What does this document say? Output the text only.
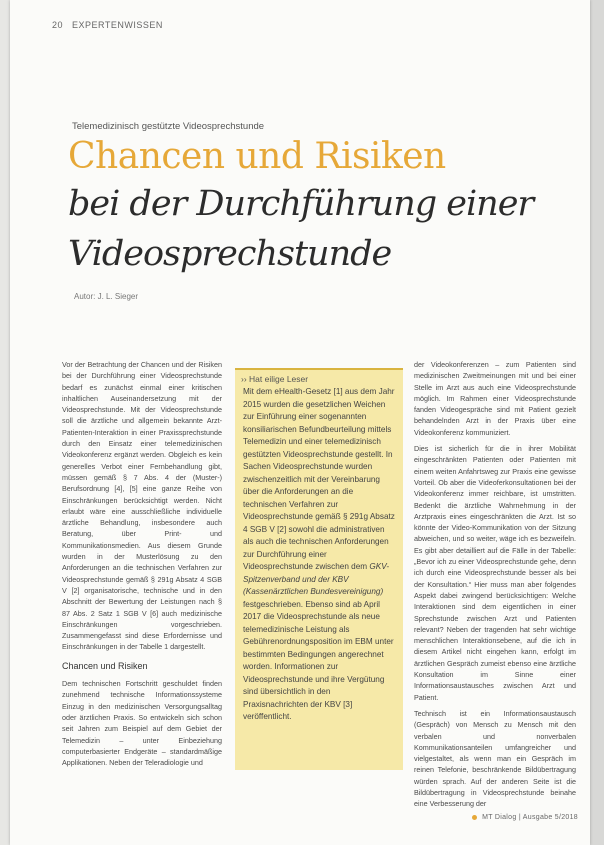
20 EXPERTENWISSEN
Telemedizinisch gestützte Videosprechstunde
Chancen und Risiken
bei der Durchführung einer
Videosprechstunde
Autor: J. L. Sieger

Vor der Betrachtung der Chancen und der Risiken bei der Durchführung einer Videosprechstunde bedarf es zunächst einmal einer kritischen inhaltlichen Auseinandersetzung mit der Videosprechstunde. Mit der Videosprechstunde soll die ärztliche und allgemein bekannte Arzt-Patienten-Interaktion in einer Praxissprechstunde durch den Einsatz einer telemedizinischen Videokonferenz ergänzt werden. Obgleich es kein generelles Verbot einer Fernbehandlung gibt, müssen gemäß § 7 Abs. 4 der (Muster-) Berufsordnung [4], [5] eine ganze Reihe von Einschränkungen berücksichtigt werden. Nicht erlaubt wäre eine ausschließliche individuelle ärztliche Behandlung, insbesondere auch Beratung, über Print- und Kommunikationsmedien. Aus diesem Grunde wurden in der Musterlösung zu den Anforderungen an die technischen Verfahren zur Videosprechstunde gemäß § 291g Absatz 4 SGB V [2] organisatorische, technische und in den Abschnitt der Bewertung der Leistungen nach § 87 Abs. 2 Satz 1 SGB V [6] auch medizinische Einschränkungen vorgeschrieben. Zusammengefasst sind diese Erfordernisse und Einschränkungen in der Tabelle 1 dargestellt.

Chancen und Risiken

Dem technischen Fortschritt geschuldet finden zunehmend technische Informationssysteme Einzug in den medizinischen Versorgungsalltag oder ärztlichen Praxis. So entwickeln sich schon seit Jahren zum Beispiel auf dem Gebiet der Telemedizin – unter Einbeziehung computerbasierter Endgeräte – standardmäßige Applikationen. Neben der Teleradiologie und

›› Hat eilige Leser
Mit dem eHealth-Gesetz [1] aus dem Jahr 2015 wurden die gesetzlichen Weichen zur Einführung einer sogenannten konsiliarischen Befundbeurteilung mittels Telemedizin und einer telemedizinisch gestützten Videosprechstunde gestellt. In Sachen Videosprechstunde wurden zwischenzeitlich mit der Vereinbarung über die Anforderungen an die technischen Verfahren zur Videosprechstunde gemäß § 291g Absatz 4 SGB V [2] sowohl die administrativen als auch die technischen Anforderungen zur Durchführung einer Videosprechstunde zwischen dem GKV-Spitzenverband und der KBV (Kassenärztlichen Bundesvereinigung) festgeschrieben. Ebenso sind ab April 2017 die Videosprechstunde als neue telemedizinische Leistung als Gebührenordnungsposition im EBM unter bestimmten Bedingungen angerechnet worden. Informationen zur Videosprechstunde und ihre Vergütung sind übersichtlich in den Praxisnachrichten der KBV [3] veröffentlicht.

der Videokonferenzen – zum Patienten sind medizinischen Zweitmeinungen mit und bei einer Stelle im Arzt aus auch eine Videosprechstunde möglich. Im Rahmen einer Videosprechstunde fanden Videogespräche sind mit Patient gezielt behandelnden Arzt in der Praxis über eine Videokonferenz kommuniziert.

Dies ist sicherlich für die in ihrer Mobilität eingeschränkten Patienten oder Patienten mit einem weiten Anfahrtsweg zur Praxis eine gewisse Vorteil. Ob aber die Videoferkonsultationen bei der Videokonferenz immer reichbare, ist umstritten. Bedenkt die ärztliche Wahrnehmung in der Arztpraxis eines eingeschränkten die Arzt. Ist so könnte der Video-Kommunikation von der Sitzung abweichen, und so weiter, wäge ich es bezweifeln. Es gibt aber detailliert auf die Fälle in der Tabelle: „Bevor ich zu einer Videosprechstunde gehe, denn ich durch eine Videosprechstunde besser als bei der Konsultation.“ Hier muss man aber folgendes Aspekt dabei zwingend berücksichtigen: Welche Interaktionen sind dem eigentlichen in einer Sprechstunde zwischen Arzt und Patienten relevant? Neben der tragenden hat sehr wichtige menschlichen Interaktionsebene, auf die ich in diesem Artikel nicht eingehen kann, erfolgt im ärztlichen Gespräch zumeist ebenso eine ärztliche Konsultation im Sinne einer Informationsaustausches zwischen Arzt und Patient.

Technisch ist ein Informationsaustausch (Gespräch) von Mensch zu Mensch mit den verbalen und nonverbalen Kommunikationsanteilen umfangreicher und vielgestaltet, als wenn man ein Gespräch im reinen Telefonie, beschränkende Bildübertragung würden sprach. Auf der anderen Seite ist die Bildübertragung in Videosprechstunde beinahe eine Verbesserung der

MT Dialog | Ausgabe 5/2018
